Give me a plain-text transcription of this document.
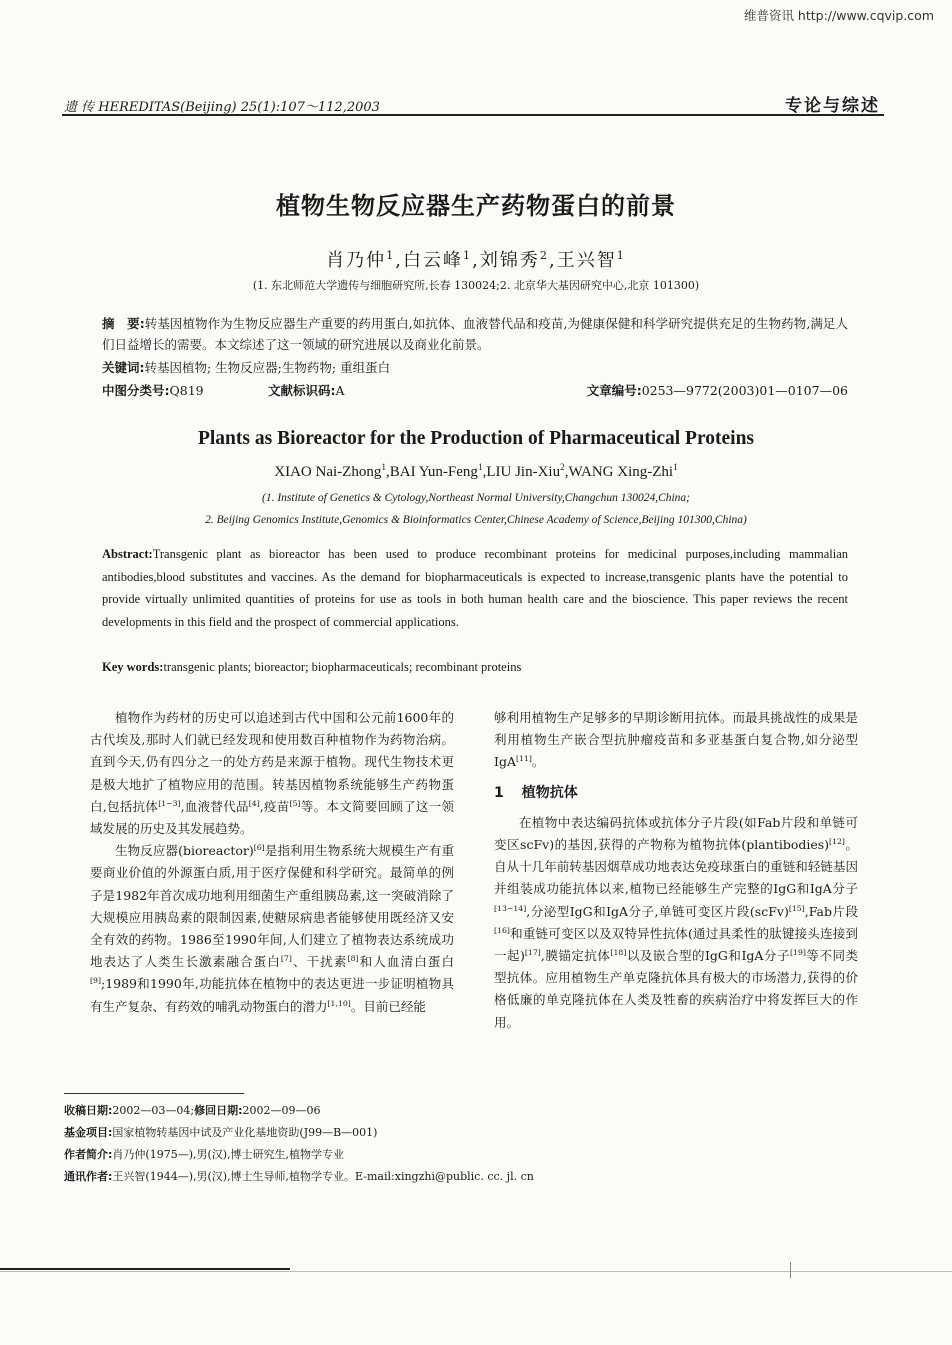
维普资讯 http://www.cqvip.com
遗 传 HEREDITAS(Beijing) 25(1):107～112,2003	专论与综述
植物生物反应器生产药物蛋白的前景
肖乃仲$^1$,白云峰$^1$,刘锦秀$^2$,王兴智$^1$
(1. 东北师范大学遗传与细胞研究所,长春 130024;2. 北京华大基因研究中心,北京 101300)
摘　要:转基因植物作为生物反应器生产重要的药用蛋白,如抗体、血液替代品和疫苗,为健康保健和科学研究提供充足的生物药物,满足人们日益增长的需要。本文综述了这一领域的研究进展以及商业化前景。
关键词:转基因植物; 生物反应器;生物药物; 重组蛋白
中图分类号:Q819	文献标识码:A	文章编号:0253—9772(2003)01—0107—06
Plants as Bioreactor for the Production of Pharmaceutical Proteins
XIAO Nai-Zhong$^1$,BAI Yun-Feng$^1$,LIU Jin-Xiu$^2$,WANG Xing-Zhi$^1$
(1. Institute of Genetics & Cytology,Northeast Normal University,Changchun 130024,China;
2. Beijing Genomics Institute,Genomics & Bioinformatics Center,Chinese Academy of Science,Beijing 101300,China)
Abstract:Transgenic plant as bioreactor has been used to produce recombinant proteins for medicinal purposes,including mammalian antibodies,blood substitutes and vaccines. As the demand for biopharmaceuticals is expected to increase,transgenic plants have the potential to provide virtually unlimited quantities of proteins for use as tools in both human health care and the bioscience. This paper reviews the recent developments in this field and the prospect of commercial applications.
Key words:transgenic plants; bioreactor; biopharmaceuticals; recombinant proteins

植物作为药材的历史可以追述到古代中国和公元前1600年的古代埃及,那时人们就已经发现和使用数百种植物作为药物治病。直到今天,仍有四分之一的处方药是来源于植物。现代生物技术更是极大地扩了植物应用的范围。转基因植物系统能够生产药物蛋白,包括抗体[1~3],血液替代品[4],疫苗[5]等。本文简要回顾了这一领域发展的历史及其发展趋势。

生物反应器(bioreactor)[6]是指利用生物系统大规模生产有重要商业价值的外源蛋白质,用于医疗保健和科学研究。最简单的例子是1982年首次成功地利用细菌生产重组胰岛素,这一突破消除了大规模应用胰岛素的限制因素,使糖尿病患者能够使用既经济又安全有效的药物。1986至1990年间,人们建立了植物表达系统成功地表达了人类生长激素融合蛋白[7]、干扰素[8]和人血清白蛋白[9];1989和1990年,功能抗体在植物中的表达更进一步证明植物具有生产复杂、有药效的哺乳动物蛋白的潜力[1,10]。目前已经能

够利用植物生产足够多的早期诊断用抗体。而最具挑战性的成果是利用植物生产嵌合型抗肿瘤疫苗和多亚基蛋白复合物,如分泌型IgA[11]。

1 植物抗体

在植物中表达编码抗体或抗体分子片段(如Fab片段和单链可变区scFv)的基因,获得的产物称为植物抗体(plantibodies)[12]。自从十几年前转基因烟草成功地表达免疫球蛋白的重链和轻链基因并组装成功能抗体以来,植物已经能够生产完整的IgG和IgA分子[13~14],分泌型IgG和IgA分子,单链可变区片段(scFv)[15],Fab片段[16]和重链可变区以及双特异性抗体(通过具柔性的肽键接头连接到一起)[17],膜锚定抗体[18]以及嵌合型的IgG和IgA分子[19]等不同类型抗体。应用植物生产单克隆抗体具有极大的市场潜力,获得的价格低廉的单克隆抗体在人类及牲畜的疾病治疗中将发挥巨大的作用。

收稿日期:2002—03—04;修回日期:2002—09—06
基金项目:国家植物转基因中试及产业化基地资助(J99—B—001)
作者简介:肖乃仲(1975—),男(汉),博士研究生,植物学专业
通讯作者:王兴智(1944—),男(汉),博士生导师,植物学专业。E-mail:xingzhi@public. cc. jl. cn
